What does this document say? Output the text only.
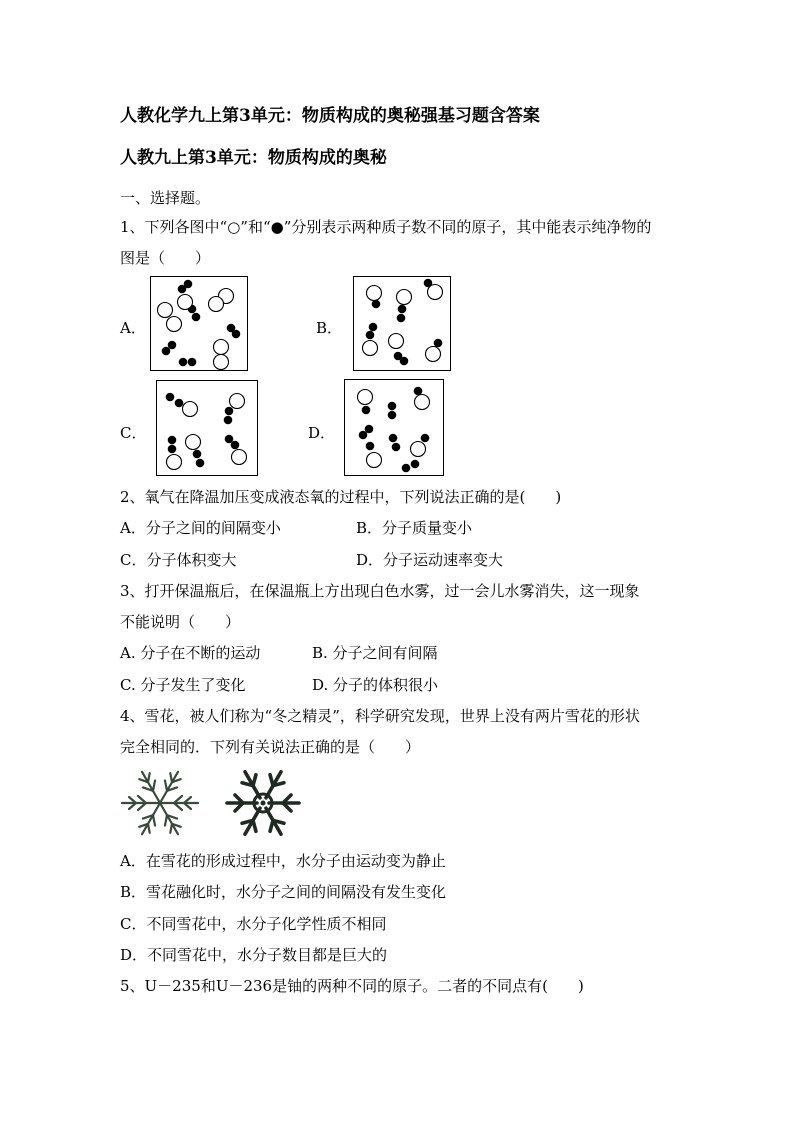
人教化学九上第3单元：物质构成的奥秘强基习题含答案
人教九上第3单元：物质构成的奥秘
一、选择题。
1、下列各图中“○”和“●”分别表示两种质子数不同的原子，其中能表示纯净物的
图是（　　）
A．	B．
C．	D．
2、氧气在降温加压变成液态氧的过程中，下列说法正确的是(　　)
A．分子之间的间隔变小	B．分子质量变小
C．分子体积变大	D．分子运动速率变大
3、打开保温瓶后，在保温瓶上方出现白色水雾，过一会儿水雾消失，这一现象
不能说明（　　）
A. 分子在不断的运动	B. 分子之间有间隔
C. 分子发生了变化	D. 分子的体积很小
4、雪花，被人们称为“冬之精灵”，科学研究发现，世界上没有两片雪花的形状
完全相同的．下列有关说法正确的是（　　）
A．在雪花的形成过程中，水分子由运动变为静止
B．雪花融化时，水分子之间的间隔没有发生变化
C．不同雪花中，水分子化学性质不相同
D．不同雪花中，水分子数目都是巨大的
5、U－235和U－236是铀的两种不同的原子。二者的不同点有(　　)
